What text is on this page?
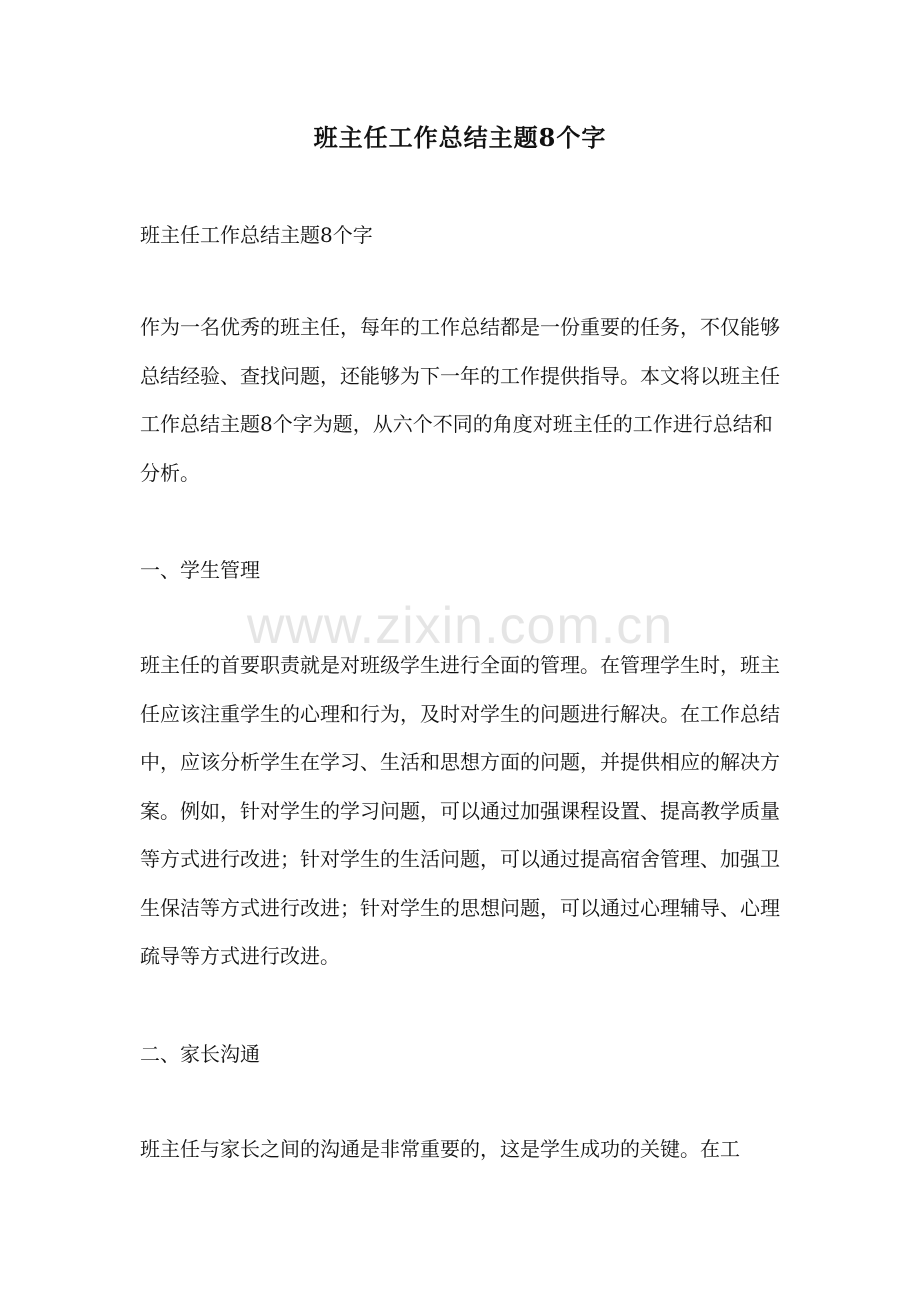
班主任工作总结主题8个字

班主任工作总结主题8个字

作为一名优秀的班主任，每年的工作总结都是一份重要的任务，不仅能够总结经验、查找问题，还能够为下一年的工作提供指导。本文将以班主任工作总结主题8个字为题，从六个不同的角度对班主任的工作进行总结和分析。

一、学生管理

班主任的首要职责就是对班级学生进行全面的管理。在管理学生时，班主任应该注重学生的心理和行为，及时对学生的问题进行解决。在工作总结中，应该分析学生在学习、生活和思想方面的问题，并提供相应的解决方案。例如，针对学生的学习问题，可以通过加强课程设置、提高教学质量等方式进行改进；针对学生的生活问题，可以通过提高宿舍管理、加强卫生保洁等方式进行改进；针对学生的思想问题，可以通过心理辅导、心理疏导等方式进行改进。

二、家长沟通

班主任与家长之间的沟通是非常重要的，这是学生成功的关键。在工

www.zixin.com.cn
